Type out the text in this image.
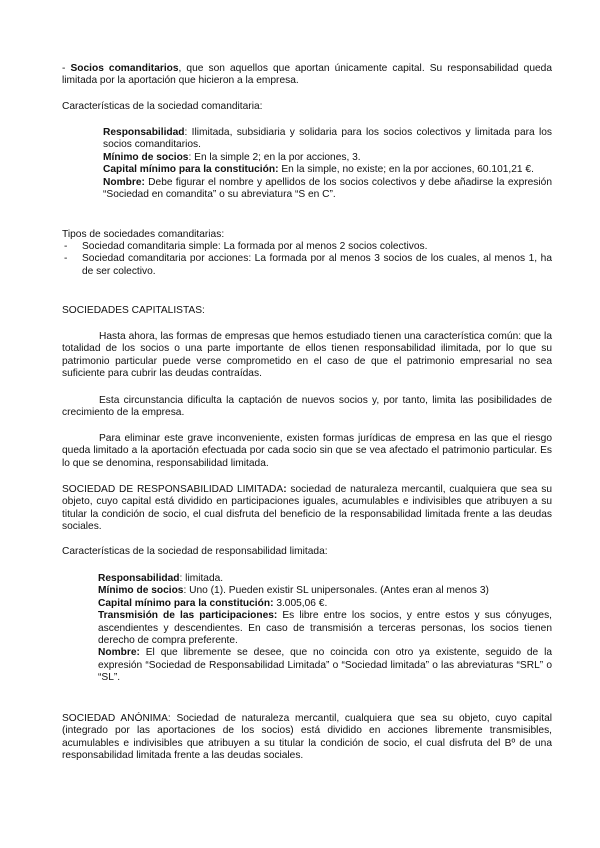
- Socios comanditarios, que son aquellos que aportan únicamente capital. Su responsabilidad queda limitada por la aportación que hicieron a la empresa.

Características de la sociedad comanditaria:

Responsabilidad: Ilimitada, subsidiaria y solidaria para los socios colectivos y limitada para los socios comanditarios.

Mínimo de socios: En la simple 2; en la por acciones, 3.

Capital mínimo para la constitución: En la simple, no existe; en la por acciones, 60.101,21 €.

Nombre: Debe figurar el nombre y apellidos de los socios colectivos y debe añadirse la expresión “Sociedad en comandita” o su abreviatura “S en C”.

Tipos de sociedades comanditarias:

- Sociedad comanditaria simple: La formada por al menos 2 socios colectivos.
- Sociedad comanditaria por acciones: La formada por al menos 3 socios de los cuales, al menos 1, ha de ser colectivo.

SOCIEDADES CAPITALISTAS:

Hasta ahora, las formas de empresas que hemos estudiado tienen una característica común: que la totalidad de los socios o una parte importante de ellos tienen responsabilidad ilimitada, por lo que su patrimonio particular puede verse comprometido en el caso de que el patrimonio empresarial no sea suficiente para cubrir las deudas contraídas.

Esta circunstancia dificulta la captación de nuevos socios y, por tanto, limita las posibilidades de crecimiento de la empresa.

Para eliminar este grave inconveniente, existen formas jurídicas de empresa en las que el riesgo queda limitado a la aportación efectuada por cada socio sin que se vea afectado el patrimonio particular. Es lo que se denomina, responsabilidad limitada.

SOCIEDAD DE RESPONSABILIDAD LIMITADA: sociedad de naturaleza mercantil, cualquiera que sea su objeto, cuyo capital está dividido en participaciones iguales, acumulables e indivisibles que atribuyen a su titular la condición de socio, el cual disfruta del beneficio de la responsabilidad limitada frente a las deudas sociales.

Características de la sociedad de responsabilidad limitada:

Responsabilidad: limitada.

Mínimo de socios: Uno (1). Pueden existir SL unipersonales. (Antes eran al menos 3)

Capital mínimo para la constitución: 3.005,06 €.

Transmisión de las participaciones: Es libre entre los socios, y entre estos y sus cónyuges, ascendientes y descendientes. En caso de transmisión a terceras personas, los socios tienen derecho de compra preferente.

Nombre: El que libremente se desee, que no coincida con otro ya existente, seguido de la expresión “Sociedad de Responsabilidad Limitada” o “Sociedad limitada” o las abreviaturas “SRL” o “SL”.

SOCIEDAD ANÓNIMA: Sociedad de naturaleza mercantil, cualquiera que sea su objeto, cuyo capital (integrado por las aportaciones de los socios) está dividido en acciones libremente transmisibles, acumulables e indivisibles que atribuyen a su titular la condición de socio, el cual disfruta del Bº de una responsabilidad limitada frente a las deudas sociales.
